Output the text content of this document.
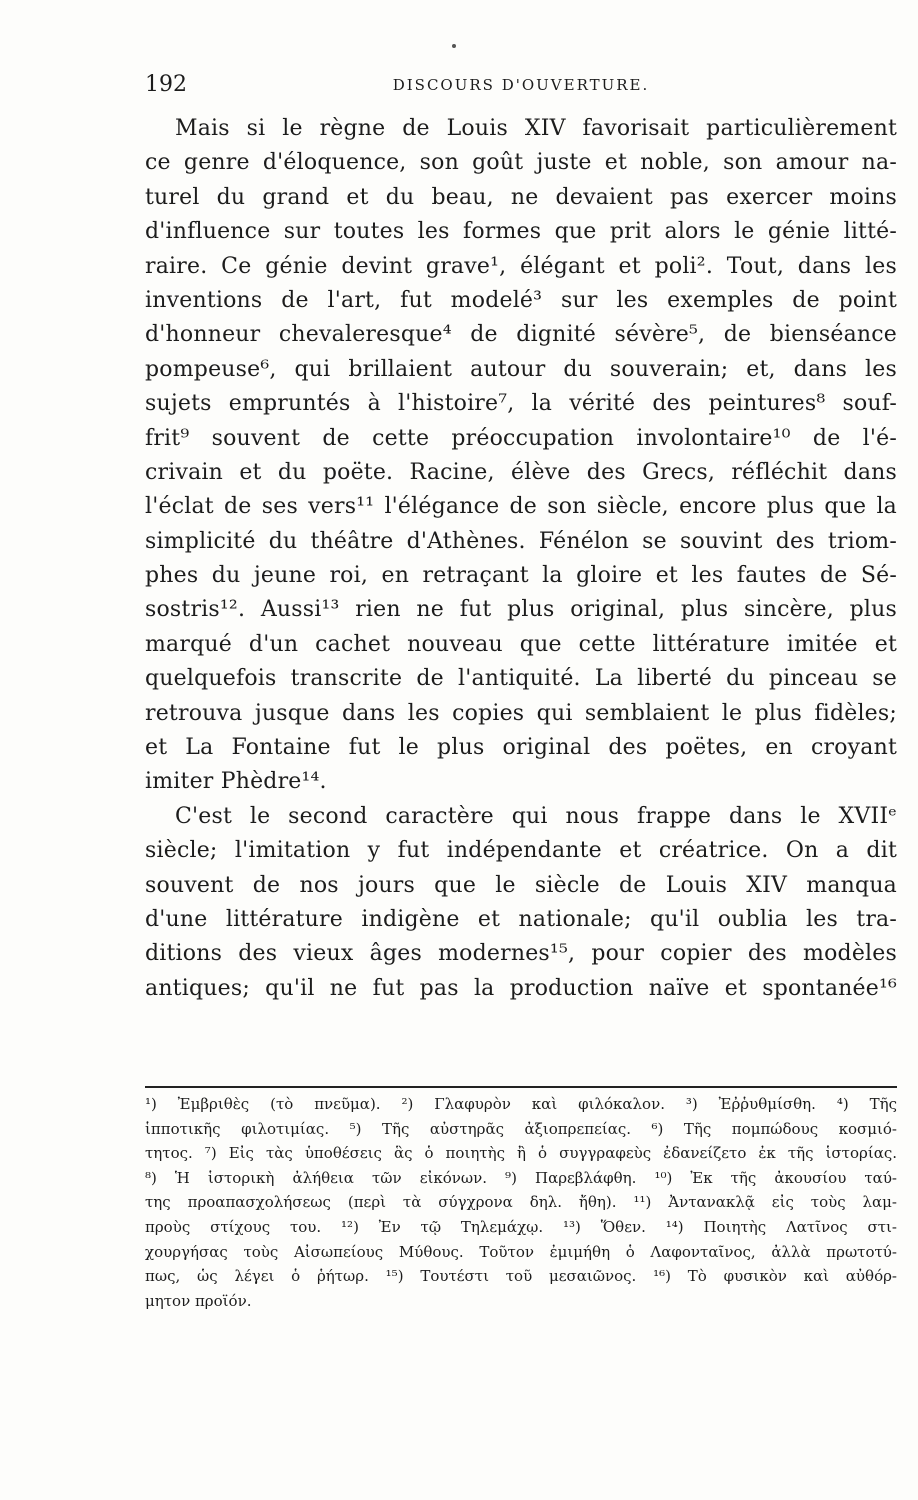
192	DISCOURS D'OUVERTURE.
Mais si le règne de Louis XIV favorisait particulièrement
ce genre d'éloquence, son goût juste et noble, son amour na-
turel du grand et du beau, ne devaient pas exercer moins
d'influence sur toutes les formes que prit alors le génie litté-
raire. Ce génie devint grave¹, élégant et poli². Tout, dans les
inventions de l'art, fut modelé³ sur les exemples de point
d'honneur chevaleresque⁴ de dignité sévère⁵, de bienséance
pompeuse⁶, qui brillaient autour du souverain; et, dans les
sujets empruntés à l'histoire⁷, la vérité des peintures⁸ souf-
frit⁹ souvent de cette préoccupation involontaire¹⁰ de l'é-
crivain et du poëte. Racine, élève des Grecs, réfléchit dans
l'éclat de ses vers¹¹ l'élégance de son siècle, encore plus que la
simplicité du théâtre d'Athènes. Fénélon se souvint des triom-
phes du jeune roi, en retraçant la gloire et les fautes de Sé-
sostris¹². Aussi¹³ rien ne fut plus original, plus sincère, plus
marqué d'un cachet nouveau que cette littérature imitée et
quelquefois transcrite de l'antiquité. La liberté du pinceau se
retrouva jusque dans les copies qui semblaient le plus fidèles;
et La Fontaine fut le plus original des poëtes, en croyant
imiter Phèdre¹⁴.
C'est le second caractère qui nous frappe dans le XVIIᵉ
siècle; l'imitation y fut indépendante et créatrice. On a dit
souvent de nos jours que le siècle de Louis XIV manqua
d'une littérature indigène et nationale; qu'il oublia les tra-
ditions des vieux âges modernes¹⁵, pour copier des modèles
antiques; qu'il ne fut pas la production naïve et spontanée¹⁶
¹) Ἐμβριθὲς (τὸ πνεῦμα). ²) Γλαφυρὸν καὶ φιλόκαλον. ³) Ἐῤῥυθμίσθη. ⁴) Τῆς
ἱπποτικῆς φιλοτιμίας. ⁵) Τῆς αὐστηρᾶς ἀξιοπρεπείας. ⁶) Τῆς πομπώδους κοσμιό-
τητος. ⁷) Εἰς τὰς ὑποθέσεις ἃς ὁ ποιητὴς ἢ ὁ συγγραφεὺς ἐδανείζετο ἐκ τῆς ἱστορίας.
⁸) Ἡ ἱστορικὴ ἀλήθεια τῶν εἰκόνων. ⁹) Παρεβλάφθη. ¹⁰) Ἐκ τῆς ἀκουσίου ταύ-
της προαπασχολήσεως (περὶ τὰ σύγχρονα δηλ. ἤθη). ¹¹) Ἀντανακλᾷ εἰς τοὺς λαμ-
προὺς στίχους του. ¹²) Ἐν τῷ Τηλεμάχῳ. ¹³) Ὅθεν. ¹⁴) Ποιητὴς Λατῖνος στι-
χουργήσας τοὺς Αἰσωπείους Μύθους. Τοῦτον ἐμιμήθη ὁ Λαφονταῖνος, ἀλλὰ πρωτοτύ-
πως, ὡς λέγει ὁ ῥήτωρ. ¹⁵) Τουτέστι τοῦ μεσαιῶνος. ¹⁶) Τὸ φυσικὸν καὶ αὐθόρ-
μητον προϊόν.
